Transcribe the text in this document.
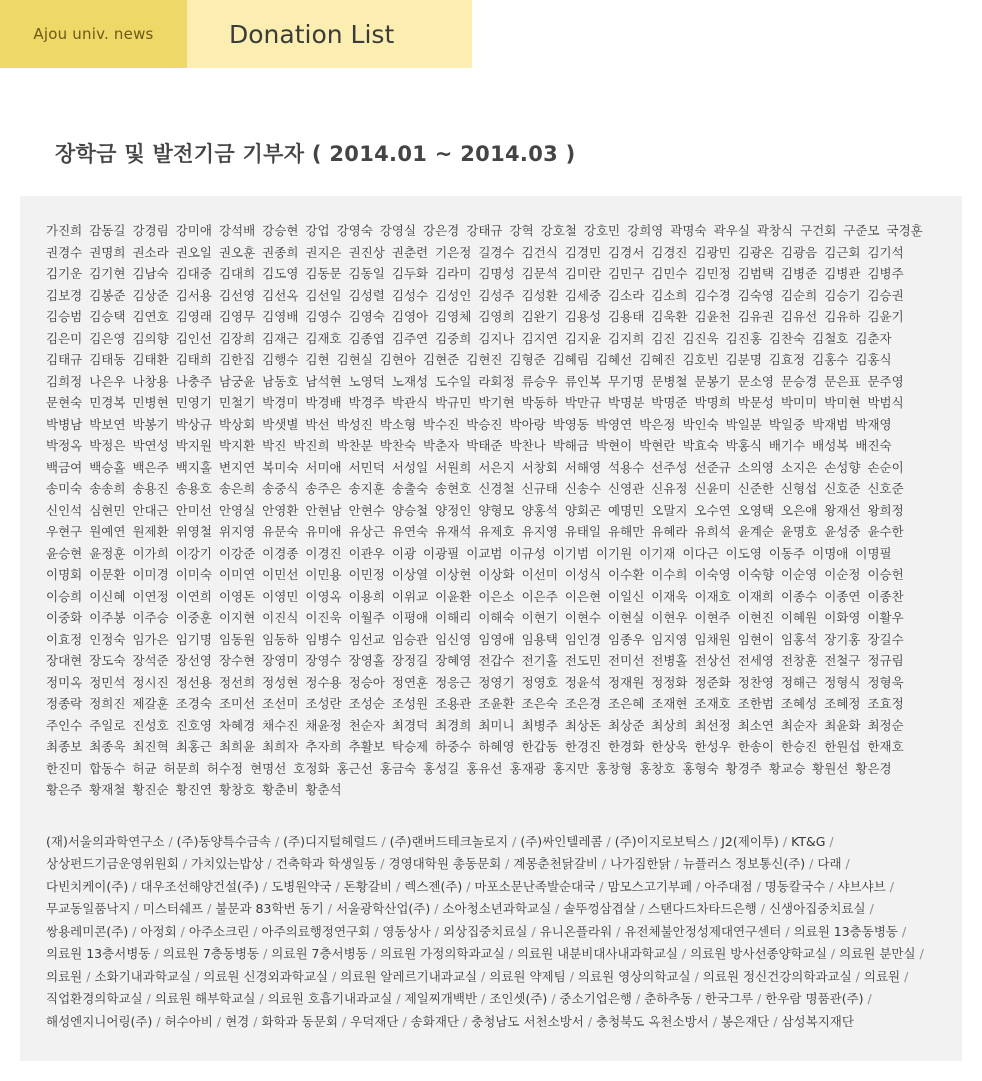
Ajou univ. news	Donation List
장학금 및 발전기금 기부자 ( 2014.01 ~ 2014.03 )
가진희 감동길 강경림 강미애 강석배 강승현 강업 강영숙 강영실 강은경 강태규 강혁 강호철 강호민 강희영 곽명숙 곽우실 곽창식 구건회 구준모 국경훈권경수 권명희 권소라 권오일 권오훈 권종희 권지은 권진상 권춘련 기은정 길경수 김건식 김경민 김경서 김경진 김광민 김광온 김광음 김근회 김기석김기운 김기현 김남숙 김대중 김대희 김도영 김동문 김동일 김두화 김라미 김명성 김문석 김미란 김민구 김민수 김민정 김범택 김병준 김병관 김병주김보경 김봉준 김상준 김서용 김선영 김선옥 김선일 김성렬 김성수 김성인 김성주 김성환 김세중 김소라 김소희 김수경 김숙영 김순희 김승기 김승권김승범 김승택 김연호 김영래 김영무 김영배 김영수 김영숙 김영아 김영체 김영희 김완기 김용성 김용태 김욱환 김윤천 김유권 김유선 김유하 김윤기김은미 김은영 김의향 김인선 김장희 김재근 김재호 김종엽 김주연 김중희 김지나 김지연 김지윤 김지희 김진 김진욱 김진홍 김찬숙 김철호 김춘자김태규 김태동 김태환 김태희 김한집 김행수 김현 김현실 김현아 김현준 김현진 김형준 김혜림 김혜선 김혜진 김호빈 김분명 김효정 김홍수 김홍식김희정 나은우 나창용 나충주 남궁윤 남동호 남석현 노영덕 노재성 도수일 라회정 류승우 류인복 무기명 문병철 문봉기 문소영 문승경 문은표 문주영문현숙 민경복 민병현 민영기 민철기 박경미 박경배 박경주 박관식 박규민 박기현 박동하 박만규 박명분 박명준 박명희 박문성 박미미 박미현 박범식박병남 박보연 박봉기 박상규 박상회 박샛별 박선 박성진 박소형 박수진 박승진 박아랑 박영동 박영연 박은정 박인숙 박일분 박일중 박재범 박재영박정옥 박정은 박연성 박지원 박지환 박진 박진희 박찬분 박찬숙 박춘자 박태준 박찬나 박해금 박현이 박현란 박효숙 박홍식 배기수 배성복 배진숙백금여 백승홀 백은주 백지홀 변지연 복미숙 서미애 서민덕 서성일 서원희 서은지 서창회 서해영 석용수 선주성 선준규 소의영 소지은 손성향 손순이송미숙 송송희 송용진 송용호 송은희 송중식 송주은 송지훈 송출숙 송현호 신경철 신규태 신송수 신영관 신유정 신윤미 신준한 신형섭 신호준 신호준신인석 심현민 안대근 안미선 안영실 안영환 안현남 안현수 양승철 양정인 양형모 양홍석 양회곤 예명민 오말지 오수연 오영택 오은애 왕재선 왕희정우현구 원예연 원제환 위영철 위지영 유문숙 유미애 유상근 유연숙 유재석 유제호 유지영 유태일 유해만 유혜라 유희석 윤계순 윤명호 윤성중 윤수한윤승현 윤정훈 이가희 이강기 이강준 이경종 이경진 이관우 이광 이광필 이교범 이규성 이기범 이기원 이기재 이다근 이도영 이동주 이명애 이명필이명회 이문환 이미경 이미숙 이미연 이민선 이민용 이민정 이상열 이상현 이상화 이선미 이성식 이수환 이수희 이숙영 이숙향 이순영 이순정 이승헌이승희 이신혜 이연정 이연희 이영돈 이영민 이영옥 이용희 이위교 이윤환 이은소 이은주 이은현 이일신 이재욱 이재호 이재희 이종수 이종연 이종찬이중화 이주봉 이주승 이중훈 이지현 이진식 이진욱 이월주 이평애 이해리 이해숙 이현기 이현수 이현실 이현우 이현주 이현진 이혜원 이화영 이활우이효정 인정숙 임가은 임기명 임동원 임동하 임병수 임선교 임승관 임신영 임영애 임용택 임인경 임종우 임지영 임채원 임현이 임홍석 장기홍 장길수장대현 장도숙 장석준 장선영 장수현 장영미 장영수 장영홀 장정길 장혜영 전갑수 전기홀 전도민 전미선 전병홀 전상선 전세영 전창훈 전철구 정규림정미옥 정민석 정시진 정선용 정선희 정성현 정수용 정승아 정연훈 정응근 정영기 정영호 정윤석 정재원 정정화 정준화 정찬영 정해근 정형식 정형욱정종락 정희진 제갈훈 조경숙 조미선 조선미 조성란 조성순 조성원 조용관 조윤환 조은숙 조은경 조은혜 조재현 조재호 조한범 조혜성 조혜정 조효정주인수 주일로 진성호 진호영 차혜경 채수진 채윤정 천순자 최경덕 최경희 최미니 최병주 최상돈 최상준 최상희 최선정 최소연 최순자 최윤화 최정순최종보 최종욱 최진혁 최홍근 최희윤 최희자 추자희 추활보 탁승제 하중수 하혜영 한갑동 한경진 한경화 한상욱 한성우 한송이 한승진 한원섭 한재호한진미 합동수 허균 허문희 허수정 현명선 호정화 홍근선 홍금숙 홍성길 홍유선 홍재광 홍지만 홍창형 홍창호 홍형숙 황경주 황교승 황원선 황은경황은주 황재철 황진순 황진연 황창호 황춘비 황춘석
(재)서울의과학연구소 / (주)동양특수금속 / (주)디지털헤럴드 / (주)랜버드테크놀로지 / (주)싸인텔레콤 / (주)이지로보틱스 / J2(제이투) / KT&G /상상펀드기금운영위원회 / 가치있는밥상 / 건축학과 학생일동 / 경영대학원 총동문회 / 계몽춘천닭갈비 / 나가짐한닭 / 뉴플러스 정보통신(주) / 다래 /다빈치케이(주) / 대우조선해양건설(주) / 도병원약국 / 돈황갈비 / 렉스젠(주) / 마포소문난족발순대국 / 맘모스고기부페 / 아주대점 / 명동칼국수 / 샤브샤브 /무교동일품낙지 / 미스터쉐프 / 불문과 83학번 동기 / 서울광학산업(주) / 소아청소년과학교실 / 솔뚜껑삼겹살 / 스탠다드차타드은행 / 신생아집중치료실 /쌍용레미콘(주) / 아정회 / 아주소크린 / 아주의료행정연구회 / 영동상사 / 외상집중치료실 / 유니온플라워 / 유전체불안정성제대연구센터 / 의료원 13층동병동 /의료원 13층서병동 / 의료원 7층동병동 / 의료원 7층서병동 / 의료원 가정의학과교실 / 의료원 내분비대사내과학교실 / 의료원 방사선종양학교실 / 의료원 분만실 /의료원 / 소화기내과학교실 / 의료원 신경외과학교실 / 의료원 알레르기내과교실 / 의료원 약제팀 / 의료원 영상의학교실 / 의료원 정신건강의학과교실 / 의료원 /직업환경의학교실 / 의료원 해부학교실 / 의료원 호흡기내과교실 / 제일찌개백반 / 조인셋(주) / 중소기업은행 / 춘하추동 / 한국그루 / 한우람 명품관(주) /해성엔지니어링(주) / 허수아비 / 현경 / 화학과 동문회 / 우덕재단 / 송화재단 / 충청남도 서천소방서 / 충청북도 옥천소방서 / 봉은재단 / 삼성복지재단
